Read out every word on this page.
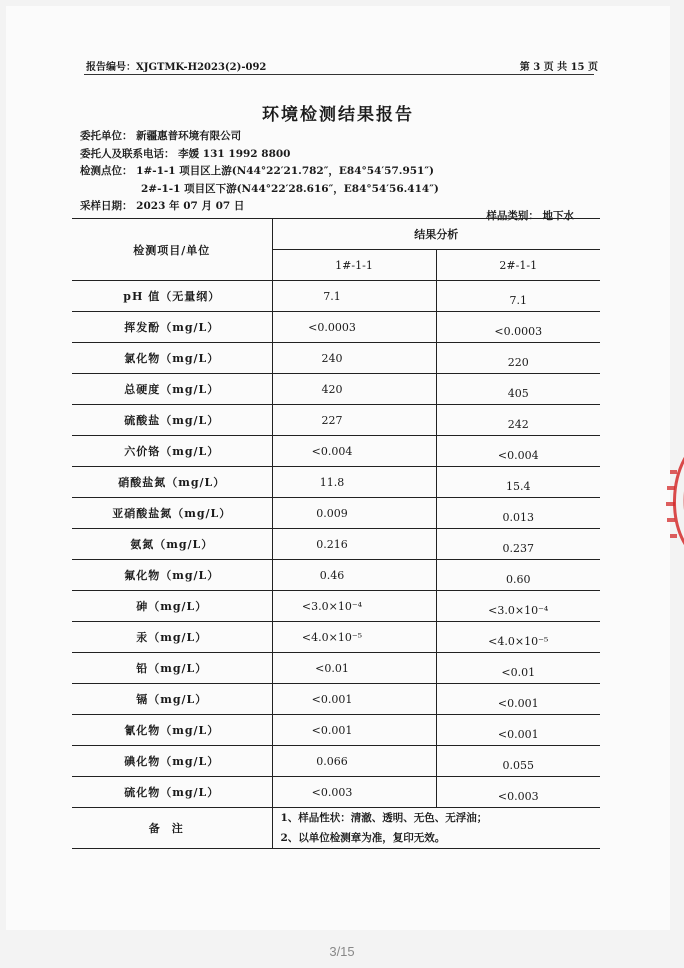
报告编号：XJGTMK-H2023(2)-092	第 3 页 共 15 页
环境检测结果报告
委托单位： 新疆惠普环境有限公司
委托人及联系电话： 李媛 131 1992 8800
检测点位： 1#-1-1 项目区上游(N44°22′21.782″，E84°54′57.951″)
2#-1-1 项目区下游(N44°22′28.616″，E84°54′56.414″)
采样日期： 2023 年 07 月 07 日
样品类别： 地下水
检测项目/单位	结果分析	
	1#-1-1	2#-1-1
pH 值（无量纲）	7.1	7.1
挥发酚（mg/L）	<0.0003	<0.0003
氯化物（mg/L）	240	220
总硬度（mg/L）	420	405
硫酸盐（mg/L）	227	242
六价铬（mg/L）	<0.004	<0.004
硝酸盐氮（mg/L）	11.8	15.4
亚硝酸盐氮（mg/L）	0.009	0.013
氨氮（mg/L）	0.216	0.237
氟化物（mg/L）	0.46	0.60
砷（mg/L）	<3.0×10⁻⁴	<3.0×10⁻⁴
汞（mg/L）	<4.0×10⁻⁵	<4.0×10⁻⁵
铅（mg/L）	<0.01	<0.01
镉（mg/L）	<0.001	<0.001
氰化物（mg/L）	<0.001	<0.001
碘化物（mg/L）	0.066	0.055
硫化物（mg/L）	<0.003	<0.003
备注	1、样品性状：清澈、透明、无色、无浮油；
2、以单位检测章为准，复印无效。	
3/15
